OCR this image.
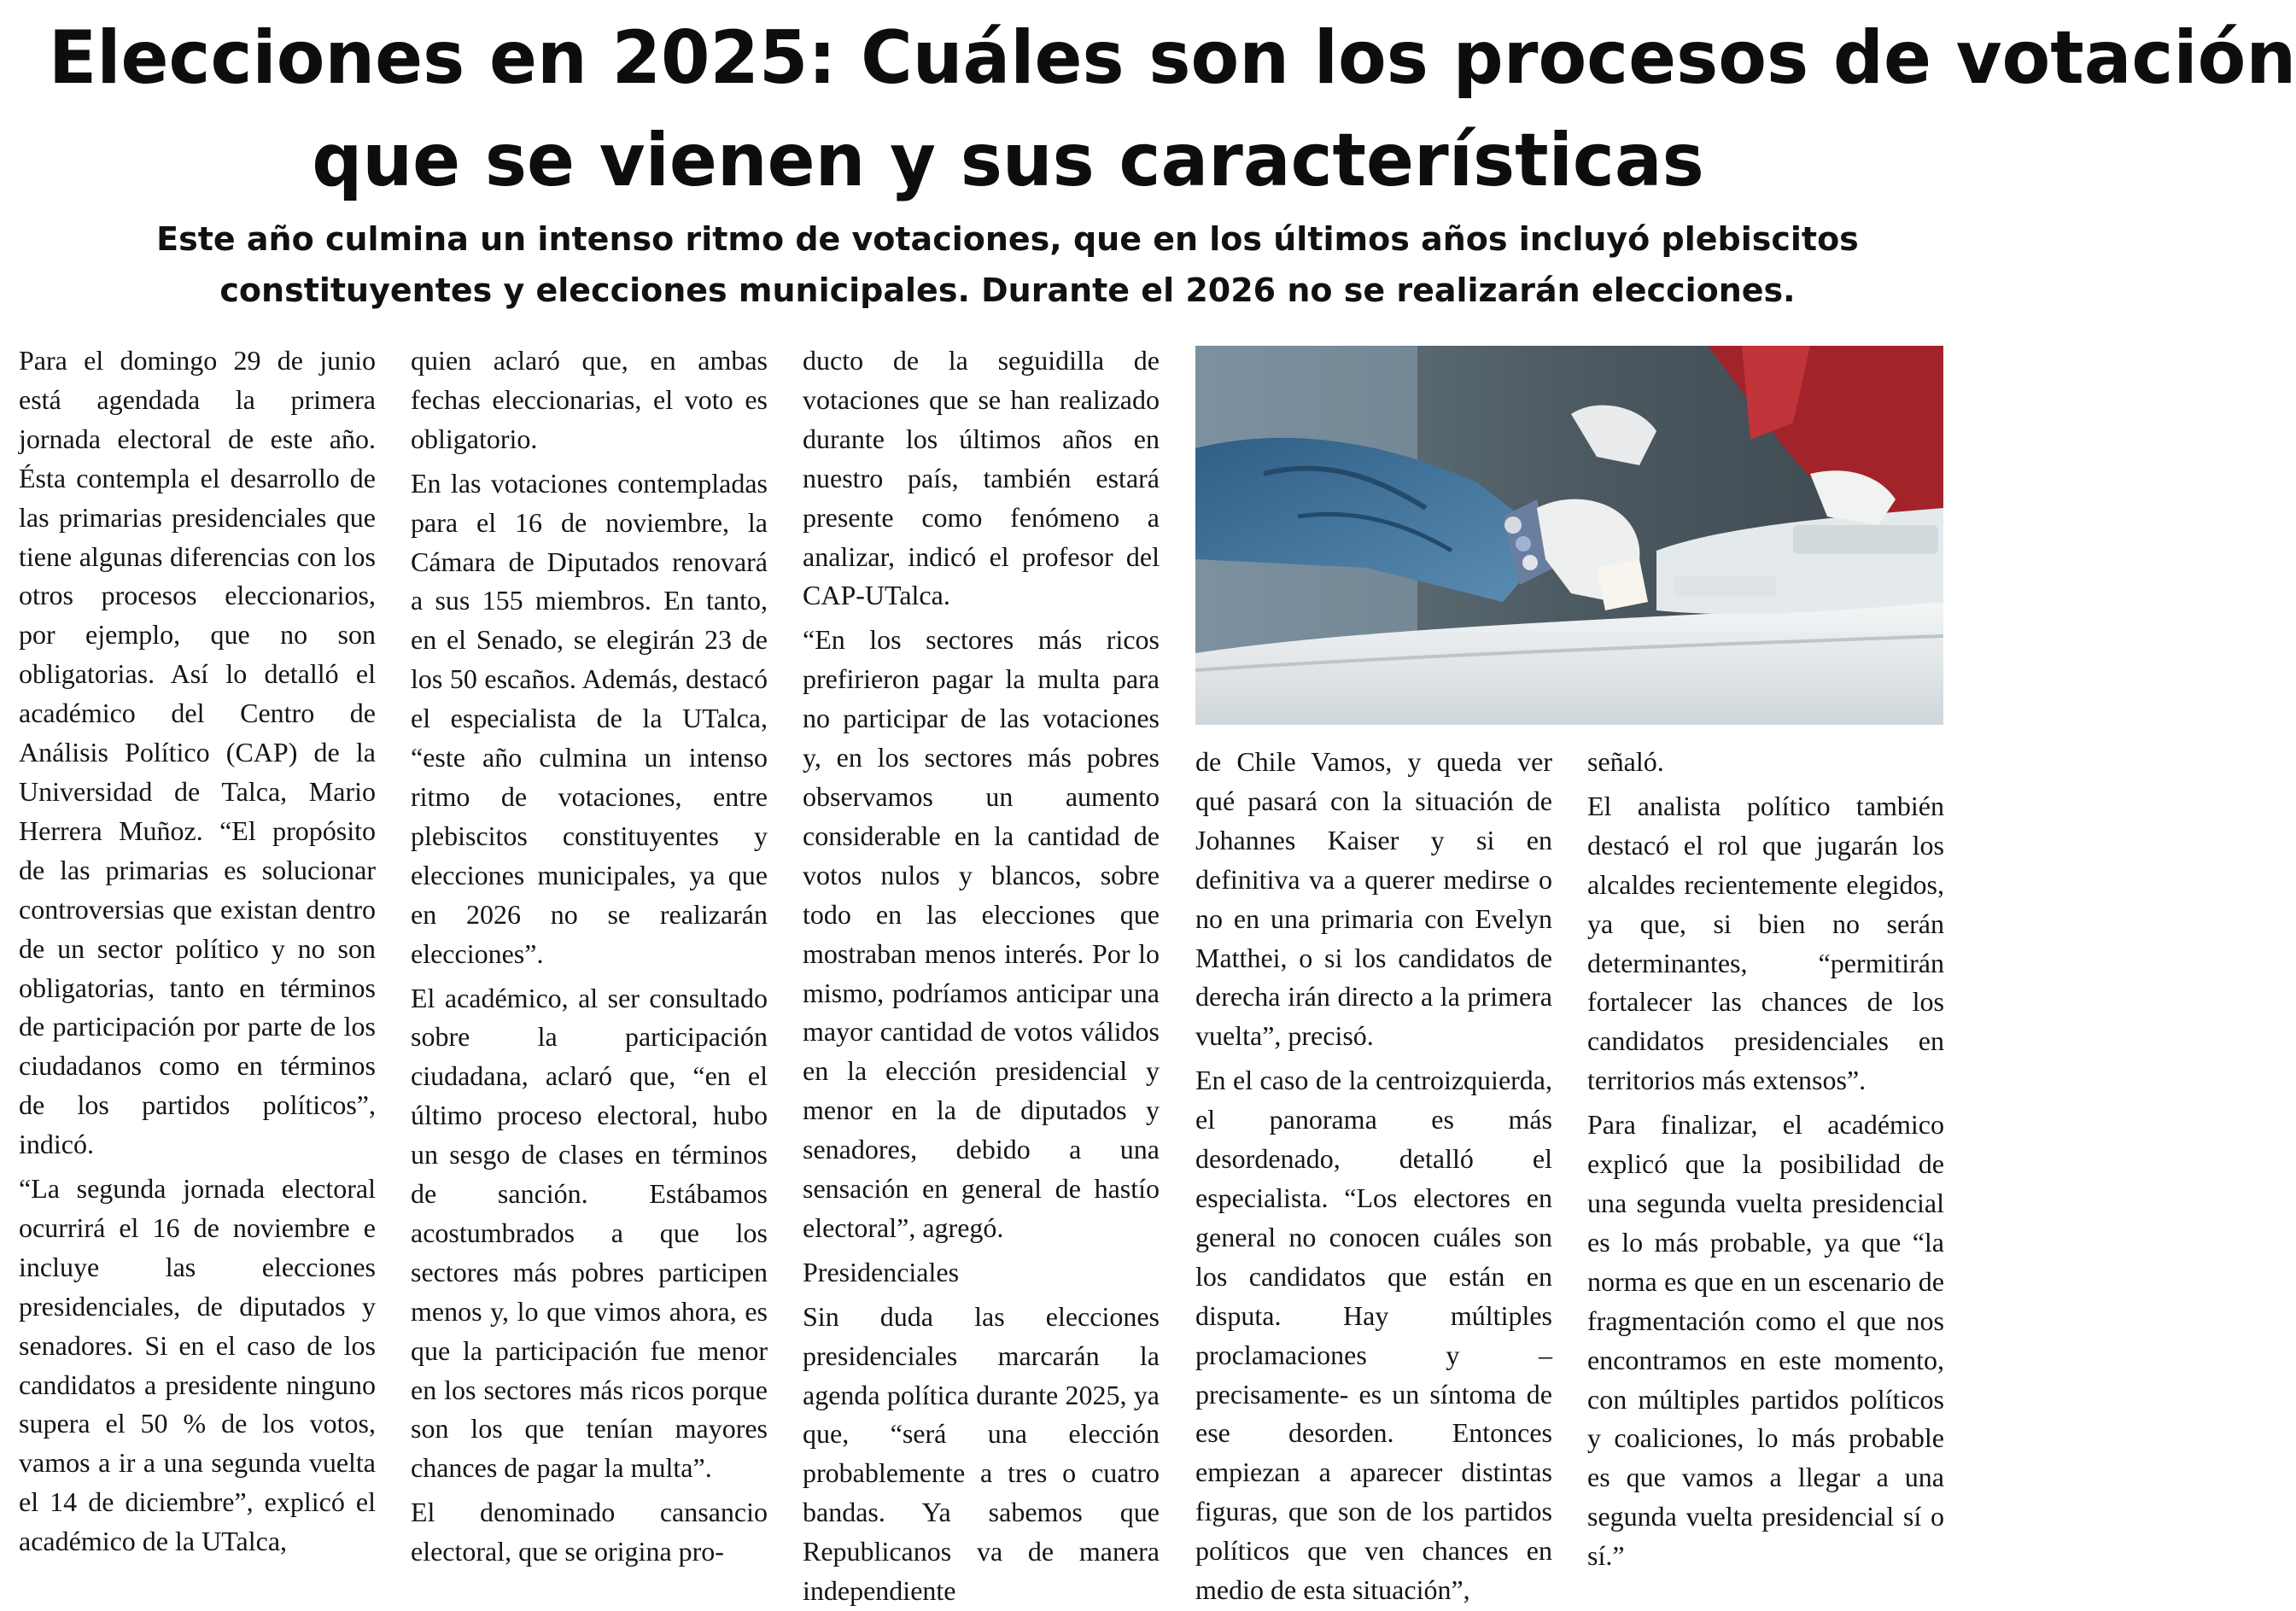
Elecciones en 2025: Cuáles son los procesos de votación
que se vienen y sus características
Este año culmina un intenso ritmo de votaciones, que en los últimos años incluyó plebiscitos
constituyentes y elecciones municipales. Durante el 2026 no se realizarán elecciones.

Para el domingo 29 de junio está agendada la primera jornada electoral de este año. Ésta contempla el desarrollo de las primarias presidenciales que tiene algunas diferencias con los otros procesos eleccionarios, por ejemplo, que no son obligatorias. Así lo detalló el académico del Centro de Análisis Político (CAP) de la Universidad de Talca, Mario Herrera Muñoz. “El propósito de las primarias es solucionar controversias que existan dentro de un sector político y no son obligatorias, tanto en términos de participación por parte de los ciudadanos como en términos de los partidos políticos”, indicó.

“La segunda jornada electoral ocurrirá el 16 de noviembre e incluye las elecciones presidenciales, de diputados y senadores. Si en el caso de los candidatos a presidente ninguno supera el 50 % de los votos, vamos a ir a una segunda vuelta el 14 de diciembre”, explicó el académico de la UTalca,

quien aclaró que, en ambas fechas eleccionarias, el voto es obligatorio.

En las votaciones contempladas para el 16 de noviembre, la Cámara de Diputados renovará a sus 155 miembros. En tanto, en el Senado, se elegirán 23 de los 50 escaños. Además, destacó el especialista de la UTalca, “este año culmina un intenso ritmo de votaciones, entre plebiscitos constituyentes y elecciones municipales, ya que en 2026 no se realizarán elecciones”.

El académico, al ser consultado sobre la participación ciudadana, aclaró que, “en el último proceso electoral, hubo un sesgo de clases en términos de sanción. Estábamos acostumbrados a que los sectores más pobres participen menos y, lo que vimos ahora, es que la participación fue menor en los sectores más ricos porque son los que tenían mayores chances de pagar la multa”.

El denominado cansancio electoral, que se origina pro-

ducto de la seguidilla de votaciones que se han realizado durante los últimos años en nuestro país, también estará presente como fenómeno a analizar, indicó el profesor del CAP-UTalca.

“En los sectores más ricos prefirieron pagar la multa para no participar de las votaciones y, en los sectores más pobres observamos un aumento considerable en la cantidad de votos nulos y blancos, sobre todo en las elecciones que mostraban menos interés. Por lo mismo, podríamos anticipar una mayor cantidad de votos válidos en la elección presidencial y menor en la de diputados y senadores, debido a una sensación en general de hastío electoral”, agregó.

Presidenciales

Sin duda las elecciones presidenciales marcarán la agenda política durante 2025, ya que, “será una elección probablemente a tres o cuatro bandas. Ya sabemos que Republicanos va de manera independiente

de Chile Vamos, y queda ver qué pasará con la situación de Johannes Kaiser y si en definitiva va a querer medirse o no en una primaria con Evelyn Matthei, o si los candidatos de derecha irán directo a la primera vuelta”, precisó.

En el caso de la centroizquierda, el panorama es más desordenado, detalló el especialista. “Los electores en general no conocen cuáles son los candidatos que están en disputa. Hay múltiples proclamaciones y –precisamente- es un síntoma de ese desorden. Entonces empiezan a aparecer distintas figuras, que son de los partidos políticos que ven chances en medio de esta situación”,

señaló.

El analista político también destacó el rol que jugarán los alcaldes recientemente elegidos, ya que, si bien no serán determinantes, “permitirán fortalecer las chances de los candidatos presidenciales en territorios más extensos”.

Para finalizar, el académico explicó que la posibilidad de una segunda vuelta presidencial es lo más probable, ya que “la norma es que en un escenario de fragmentación como el que nos encontramos en este momento, con múltiples partidos políticos y coaliciones, lo más probable es que vamos a llegar a una segunda vuelta presidencial sí o sí.”
